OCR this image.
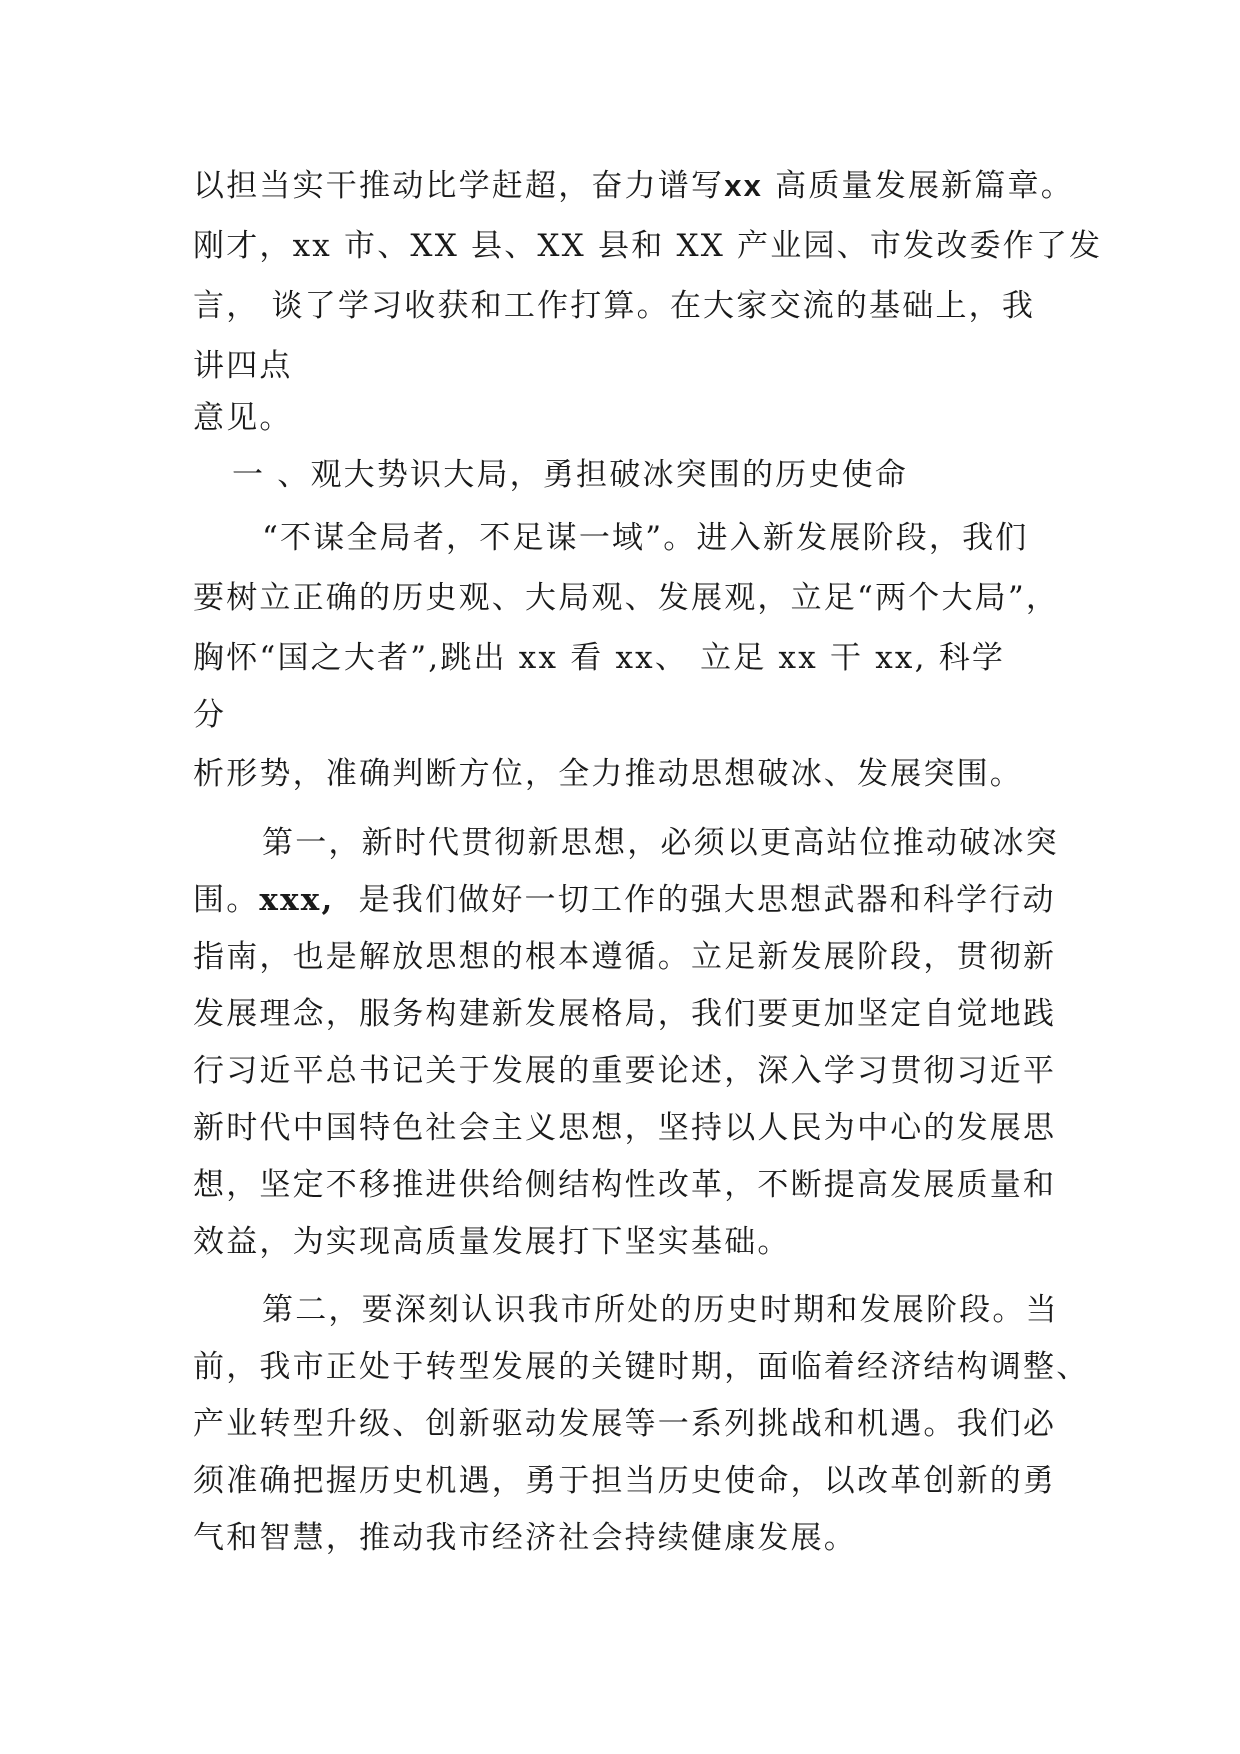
以担当实干推动比学赶超，奋力谱写xx 高质量发展新篇章。
刚才，xx 市、XX 县、XX 县和 XX 产业园、市发改委作了发
言， 谈了学习收获和工作打算。在大家交流的基础上，我
讲四点
意见。
一 、观大势识大局，勇担破冰突围的历史使命
“不谋全局者，不足谋一域”。进入新发展阶段，我们
要树立正确的历史观、大局观、发展观，立足“两个大局”，
胸怀“国之大者”,跳出 xx 看 xx、 立足 xx 干 xx, 科学
分
析形势，准确判断方位，全力推动思想破冰、发展突围。
第一，新时代贯彻新思想，必须以更高站位推动破冰突
围。xxx, 是我们做好一切工作的强大思想武器和科学行动
指南，也是解放思想的根本遵循。立足新发展阶段，贯彻新
发展理念，服务构建新发展格局，我们要更加坚定自觉地践
行习近平总书记关于发展的重要论述，深入学习贯彻习近平
新时代中国特色社会主义思想，坚持以人民为中心的发展思
想，坚定不移推进供给侧结构性改革，不断提高发展质量和
效益，为实现高质量发展打下坚实基础。
第二，要深刻认识我市所处的历史时期和发展阶段。当
前，我市正处于转型发展的关键时期，面临着经济结构调整、
产业转型升级、创新驱动发展等一系列挑战和机遇。我们必
须准确把握历史机遇，勇于担当历史使命，以改革创新的勇
气和智慧，推动我市经济社会持续健康发展。
